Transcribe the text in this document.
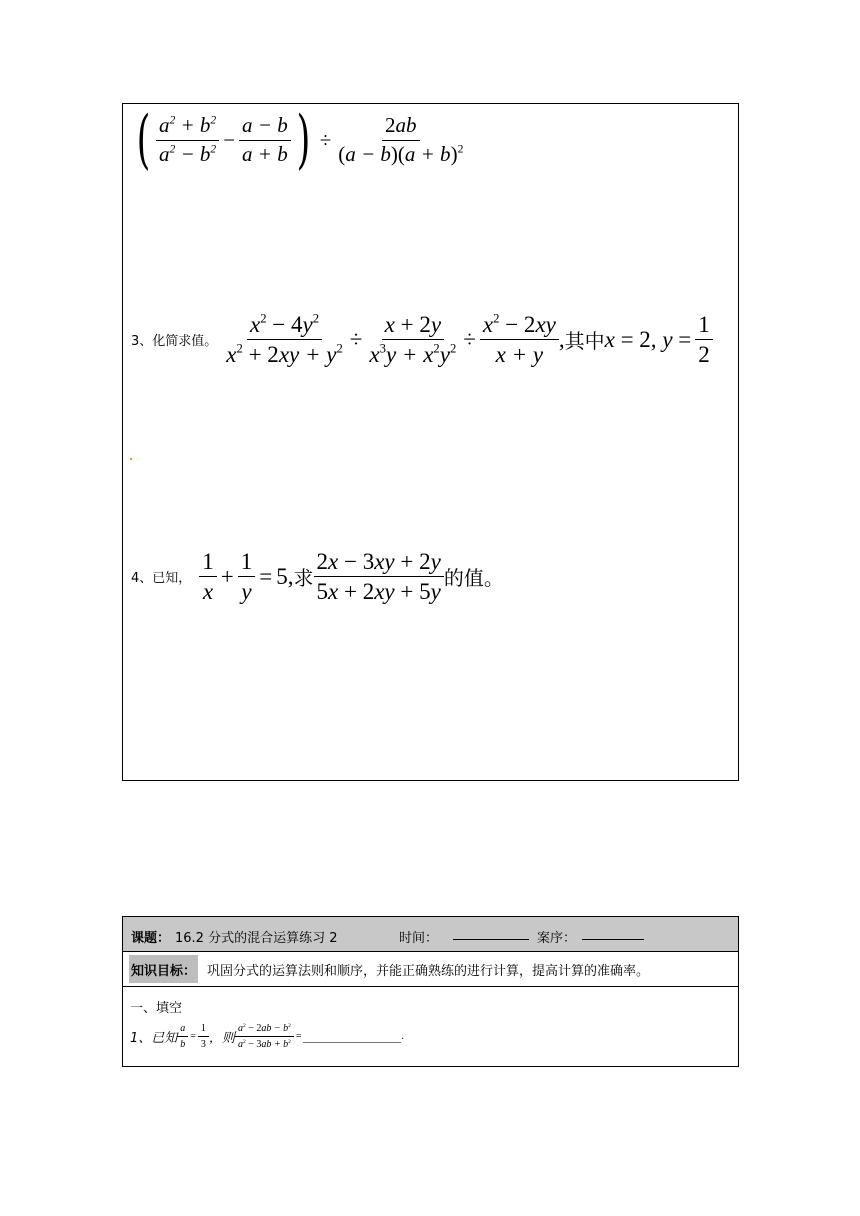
( $\frac{a^2 + b^2}{a^2 - b^2} - \frac{a - b}{a + b}$ ) ÷ $\frac{2ab}{(a - b)(a + b)^2}$
3、化简求值。 $\frac{x^2 - 4y^2}{x^2 + 2xy + y^2} \div \frac{x + 2y}{x^3y + x^2y^2} \div \frac{x^2 - 2xy}{x + y}$ , 其中 x = 2, $y = \frac{1}{2}$
4、已知， $\frac{1}{x} + \frac{1}{y} = 5$, 求 $\frac{2x - 3xy + 2y}{5x + 2xy + 5y}$ 的值。
课题： 16.2 分式的混合运算练习 2	时间：	案序：
知识目标： 巩固分式的运算法则和顺序，并能正确熟练的进行计算，提高计算的准确率。
一、填空
1、已知 $\frac{a}{b} = \frac{1}{3}$ ，则 $\frac{a^2 - 2ab - b^2}{a^2 - 3ab + b^2}$ =	.
